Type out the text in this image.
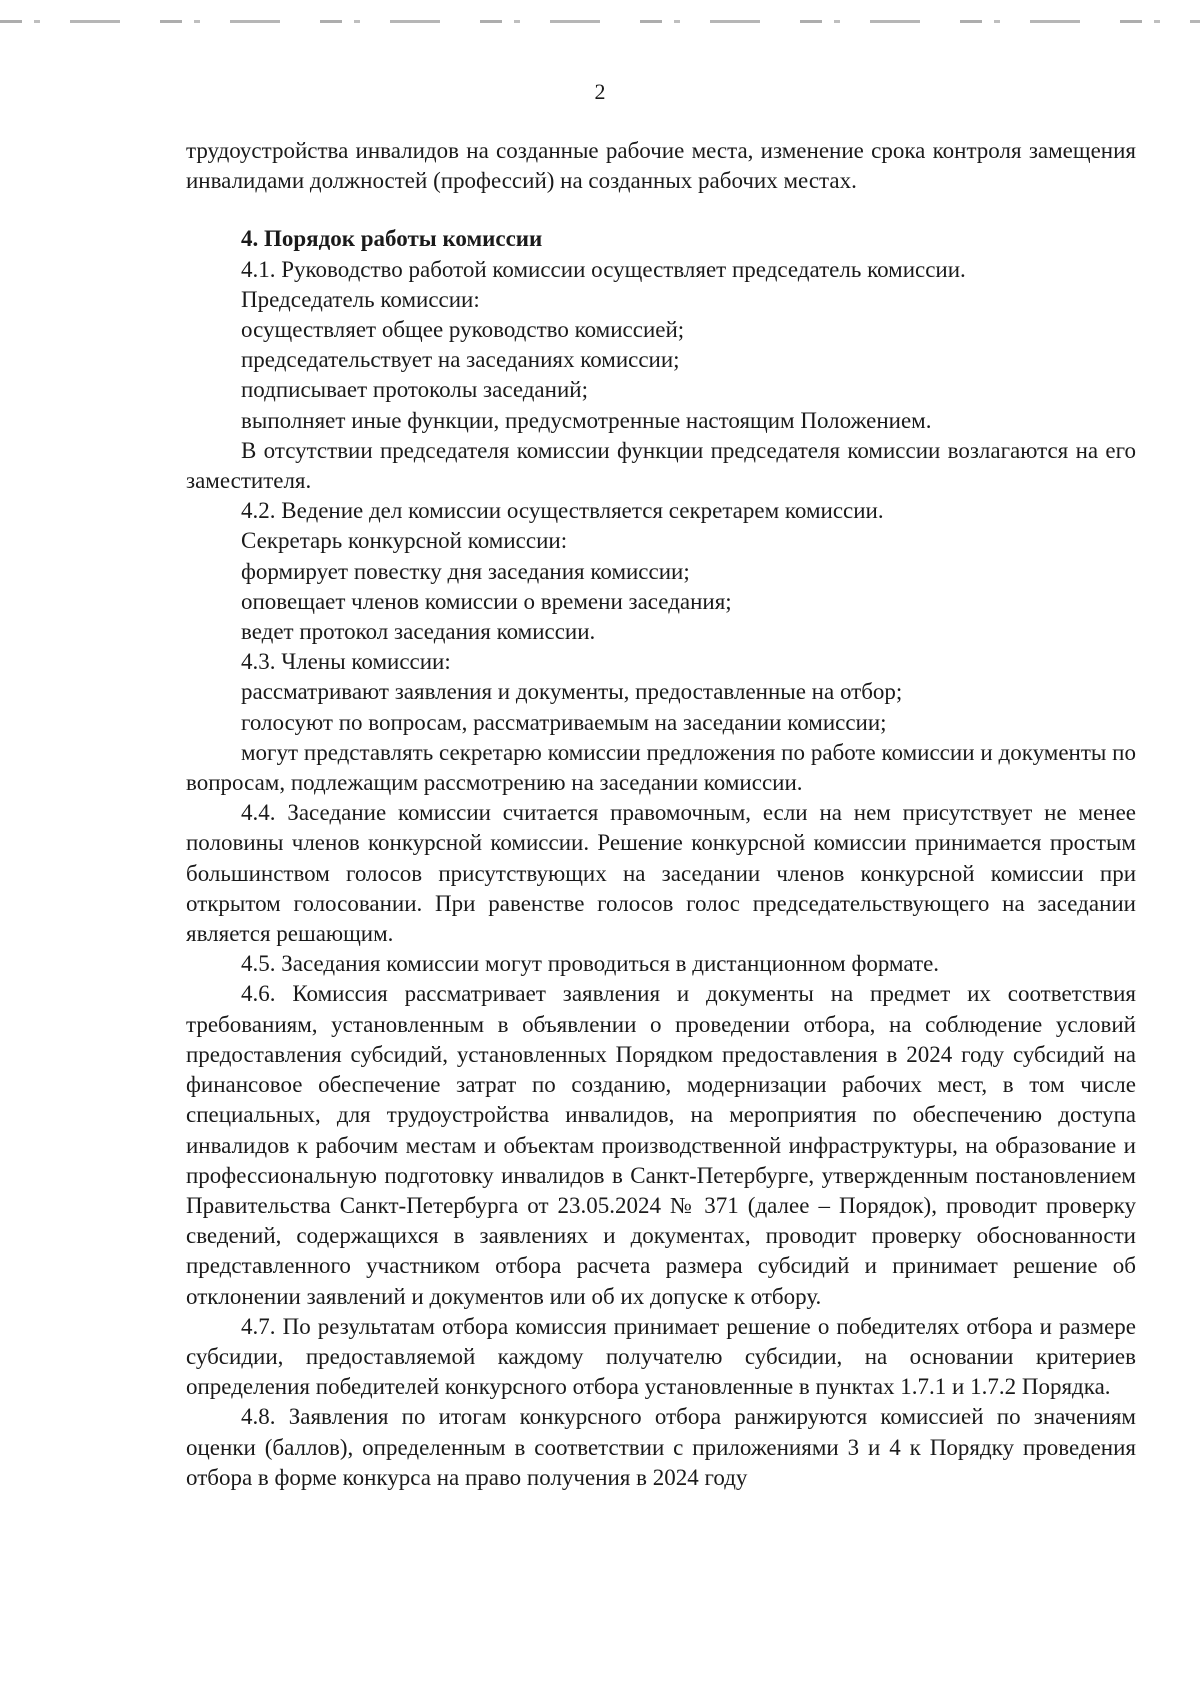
2

трудоустройства инвалидов на созданные рабочие места, изменение срока контроля замещения инвалидами должностей (профессий) на созданных рабочих местах.

4. Порядок работы комиссии

4.1. Руководство работой комиссии осуществляет председатель комиссии.

Председатель комиссии:

осуществляет общее руководство комиссией;

председательствует на заседаниях комиссии;

подписывает протоколы заседаний;

выполняет иные функции, предусмотренные настоящим Положением.

В отсутствии председателя комиссии функции председателя комиссии возлагаются на его заместителя.

4.2. Ведение дел комиссии осуществляется секретарем комиссии.

Секретарь конкурсной комиссии:

формирует повестку дня заседания комиссии;

оповещает членов комиссии о времени заседания;

ведет протокол заседания комиссии.

4.3. Члены комиссии:

рассматривают заявления и документы, предоставленные на отбор;

голосуют по вопросам, рассматриваемым на заседании комиссии;

могут представлять секретарю комиссии предложения по работе комиссии и документы по вопросам, подлежащим рассмотрению на заседании комиссии.

4.4. Заседание комиссии считается правомочным, если на нем присутствует не менее половины членов конкурсной комиссии. Решение конкурсной комиссии принимается простым большинством голосов присутствующих на заседании членов конкурсной комиссии при открытом голосовании. При равенстве голосов голос председательствующего на заседании является решающим.

4.5. Заседания комиссии могут проводиться в дистанционном формате.

4.6. Комиссия рассматривает заявления и документы на предмет их соответствия требованиям, установленным в объявлении о проведении отбора, на соблюдение условий предоставления субсидий, установленных Порядком предоставления в 2024 году субсидий на финансовое обеспечение затрат по созданию, модернизации рабочих мест, в том числе специальных, для трудоустройства инвалидов, на мероприятия по обеспечению доступа инвалидов к рабочим местам и объектам производственной инфраструктуры, на образование и профессиональную подготовку инвалидов в Санкт-Петербурге, утвержденным постановлением Правительства Санкт-Петербурга от 23.05.2024 № 371 (далее – Порядок), проводит проверку сведений, содержащихся в заявлениях и документах, проводит проверку обоснованности представленного участником отбора расчета размера субсидий и принимает решение об отклонении заявлений и документов или об их допуске к отбору.

4.7. По результатам отбора комиссия принимает решение о победителях отбора и размере субсидии, предоставляемой каждому получателю субсидии, на основании критериев определения победителей конкурсного отбора установленные в пунктах 1.7.1 и 1.7.2 Порядка.

4.8. Заявления по итогам конкурсного отбора ранжируются комиссией по значениям оценки (баллов), определенным в соответствии с приложениями 3 и 4 к Порядку проведения отбора в форме конкурса на право получения в 2024 году
